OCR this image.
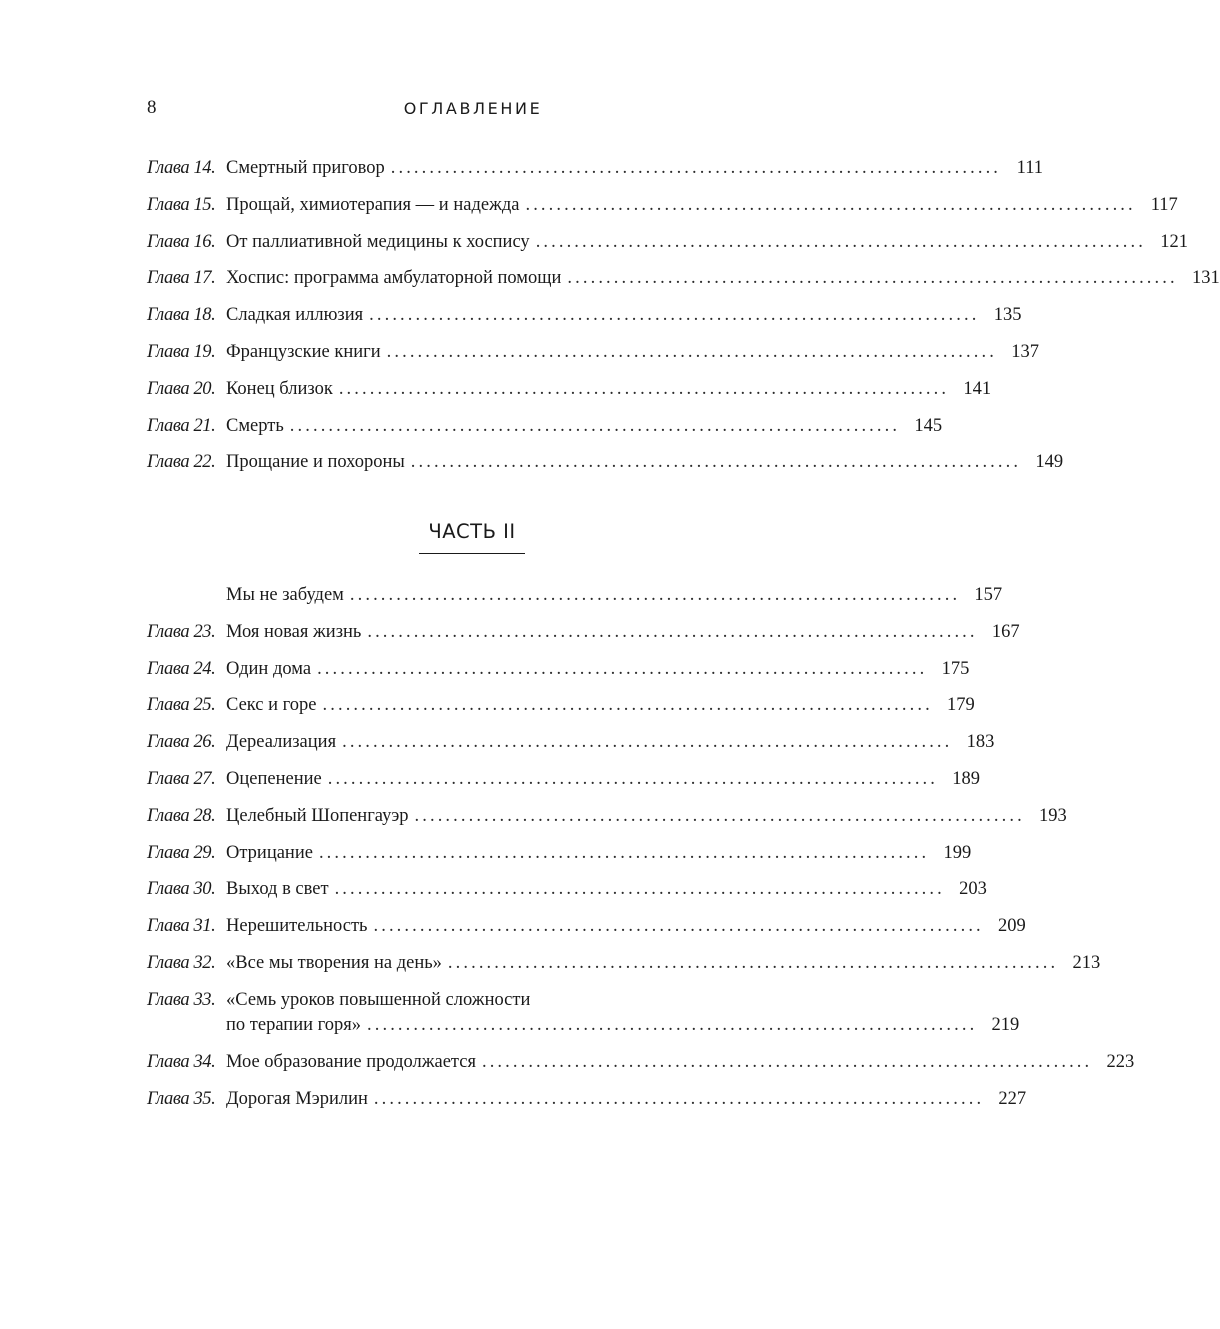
8	ОГЛАВЛЕНИЕ
Глава 14. Смертный приговор ............................................................................... 111
Глава 15. Прощай, химиотерапия — и надежда ............................................................................... 117
Глава 16. От паллиативной медицины к хоспису ............................................................................... 121
Глава 17. Хоспис: программа амбулаторной помощи ............................................................................... 131
Глава 18. Сладкая иллюзия ............................................................................... 135
Глава 19. Французские книги ............................................................................... 137
Глава 20. Конец близок ............................................................................... 141
Глава 21. Смерть ............................................................................... 145
Глава 22. Прощание и похороны ............................................................................... 149
ЧАСТЬ II
Мы не забудем ............................................................................... 157
Глава 23. Моя новая жизнь ............................................................................... 167
Глава 24. Один дома ............................................................................... 175
Глава 25. Секс и горе ............................................................................... 179
Глава 26. Дереализация ............................................................................... 183
Глава 27. Оцепенение ............................................................................... 189
Глава 28. Целебный Шопенгауэр ............................................................................... 193
Глава 29. Отрицание ............................................................................... 199
Глава 30. Выход в свет ............................................................................... 203
Глава 31. Нерешительность ............................................................................... 209
Глава 32. «Все мы творения на день» ............................................................................... 213
Глава 33. «Семь уроков повышенной сложности
по терапии горя» ............................................................................... 219
Глава 34. Мое образование продолжается ............................................................................... 223
Глава 35. Дорогая Мэрилин ............................................................................... 227
